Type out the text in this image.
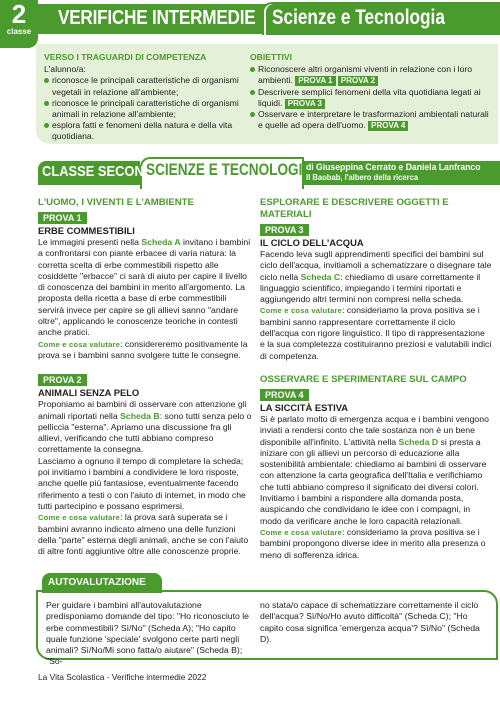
VERIFICHE INTERMEDIE Scienze e Tecnologia
2
classe
VERSO I TRAGUARDI DI COMPETENZA
L'alunno/a:
riconosce le principali caratteristiche di organismi vegetali in relazione all'ambiente;
riconosce le principali caratteristiche di organismi animali in relazione all'ambiente;
esplora fatti e fenomeni della natura e della vita quotidiana.
OBIETTIVI
Riconoscere altri organismi viventi in relazione con i loro ambienti. PROVA 1 PROVA 2
Descrivere semplici fenomeni della vita quotidiana legati ai liquidi. PROVA 3
Osservare e interpretare le trasformazioni ambientali naturali e quelle ad opera dell'uomo. PROVA 4
CLASSE SECONDA
SCIENZE E TECNOLOGIA
di Giuseppina Cerrato e Daniela Lanfranco
Il Baobab, l'albero della ricerca
L'UOMO, I VIVENTI E L'AMBIENTE
PROVA 1
ERBE COMMESTIBILI

Le immagini presenti nella Scheda A invitano i bambini a confrontarsi con piante erbacee di varia natura: la corretta scelta di erbe commestibili rispetto alle cosiddette "erbacce" ci sarà di aiuto per capire il livello di conoscenza dei bambini in merito all'argomento. La proposta della ricetta a base di erbe commestibili servirà invece per capire se gli allievi sanno "andare oltre", applicando le conoscenze teoriche in contesti anche pratici.

Come e cosa valutare: considereremo positivamente la prova se i bambini sanno svolgere tutte le consegne.

PROVA 2
ANIMALI SENZA PELO

Proponiamo ai bambini di osservare con attenzione gli animali riportati nella Scheda B: sono tutti senza pelo o pelliccia "esterna". Apriamo una discussione fra gli allievi, verificando che tutti abbiano compreso correttamente la consegna.

Lasciamo a ognuno il tempo di completare la scheda; poi invitiamo i bambini a condividere le loro risposte, anche quelle più fantasiose, eventualmente facendo riferimento a testi o con l'aiuto di internet, in modo che tutti partecipino e possano esprimersi.

Come e cosa valutare: la prova sarà superata se i bambini avranno indicato almeno una delle funzioni della "parte" esterna degli animali, anche se con l'aiuto di altre fonti aggiuntive oltre alle conoscenze proprie.

ESPLORARE E DESCRIVERE OGGETTI E MATERIALI
PROVA 3
IL CICLO DELL'ACQUA

Facendo leva sugli apprendimenti specifici dei bambini sul ciclo dell'acqua, invitiamoli a schematizzare o disegnare tale ciclo nella Scheda C: chiediamo di usare correttamente il linguaggio scientifico, impiegando i termini riportati e aggiungendo altri termini non compresi nella scheda.

Come e cosa valutare: consideriamo la prova positiva se i bambini sanno rappresentare correttamente il ciclo dell'acqua con rigore linguistico. Il tipo di rappresentazione e la sua completezza costituiranno preziosi e valutabili indici di competenza.

OSSERVARE E SPERIMENTARE SUL CAMPO
PROVA 4
LA SICCITÀ ESTIVA

Si è parlato molto di emergenza acqua e i bambini vengono inviati a rendersi conto che tale sostanza non è un bene disponibile all'infinito. L'attività nella Scheda D si presta a iniziare con gli allievi un percorso di educazione alla sostenibilità ambientale: chiediamo ai bambini di osservare con attenzione la carta geografica dell'Italia e verifichiamo che tutti abbiano compreso il significato dei diversi colori. Invitiamo i bambini a rispondere alla domanda posta, auspicando che condividano le idee con i compagni, in modo da verificare anche le loro capacità relazionali.

Come e cosa valutare: consideriamo la prova positiva se i bambini propongono diverse idee in merito alla presenza o meno di sofferenza idrica.

AUTOVALUTAZIONE
Per guidare i bambini all'autovalutazione predisponiamo domande del tipo: "Ho riconosciuto le erbe commestibili? Sì/No" (Scheda A); "Ho capito quale funzione 'speciale' svolgono certe parti negli animali? Sì/No/Mi sono fatta/o aiutare" (Scheda B); "So-
no stata/o capace di schematizzare correttamente il ciclo dell'acqua? Sì/No/Ho avuto difficoltà" (Scheda C); "Ho capito cosa significa 'emergenza acqua'? Sì/No" (Scheda D).
La Vita Scolastica - Verifiche intermedie 2022
